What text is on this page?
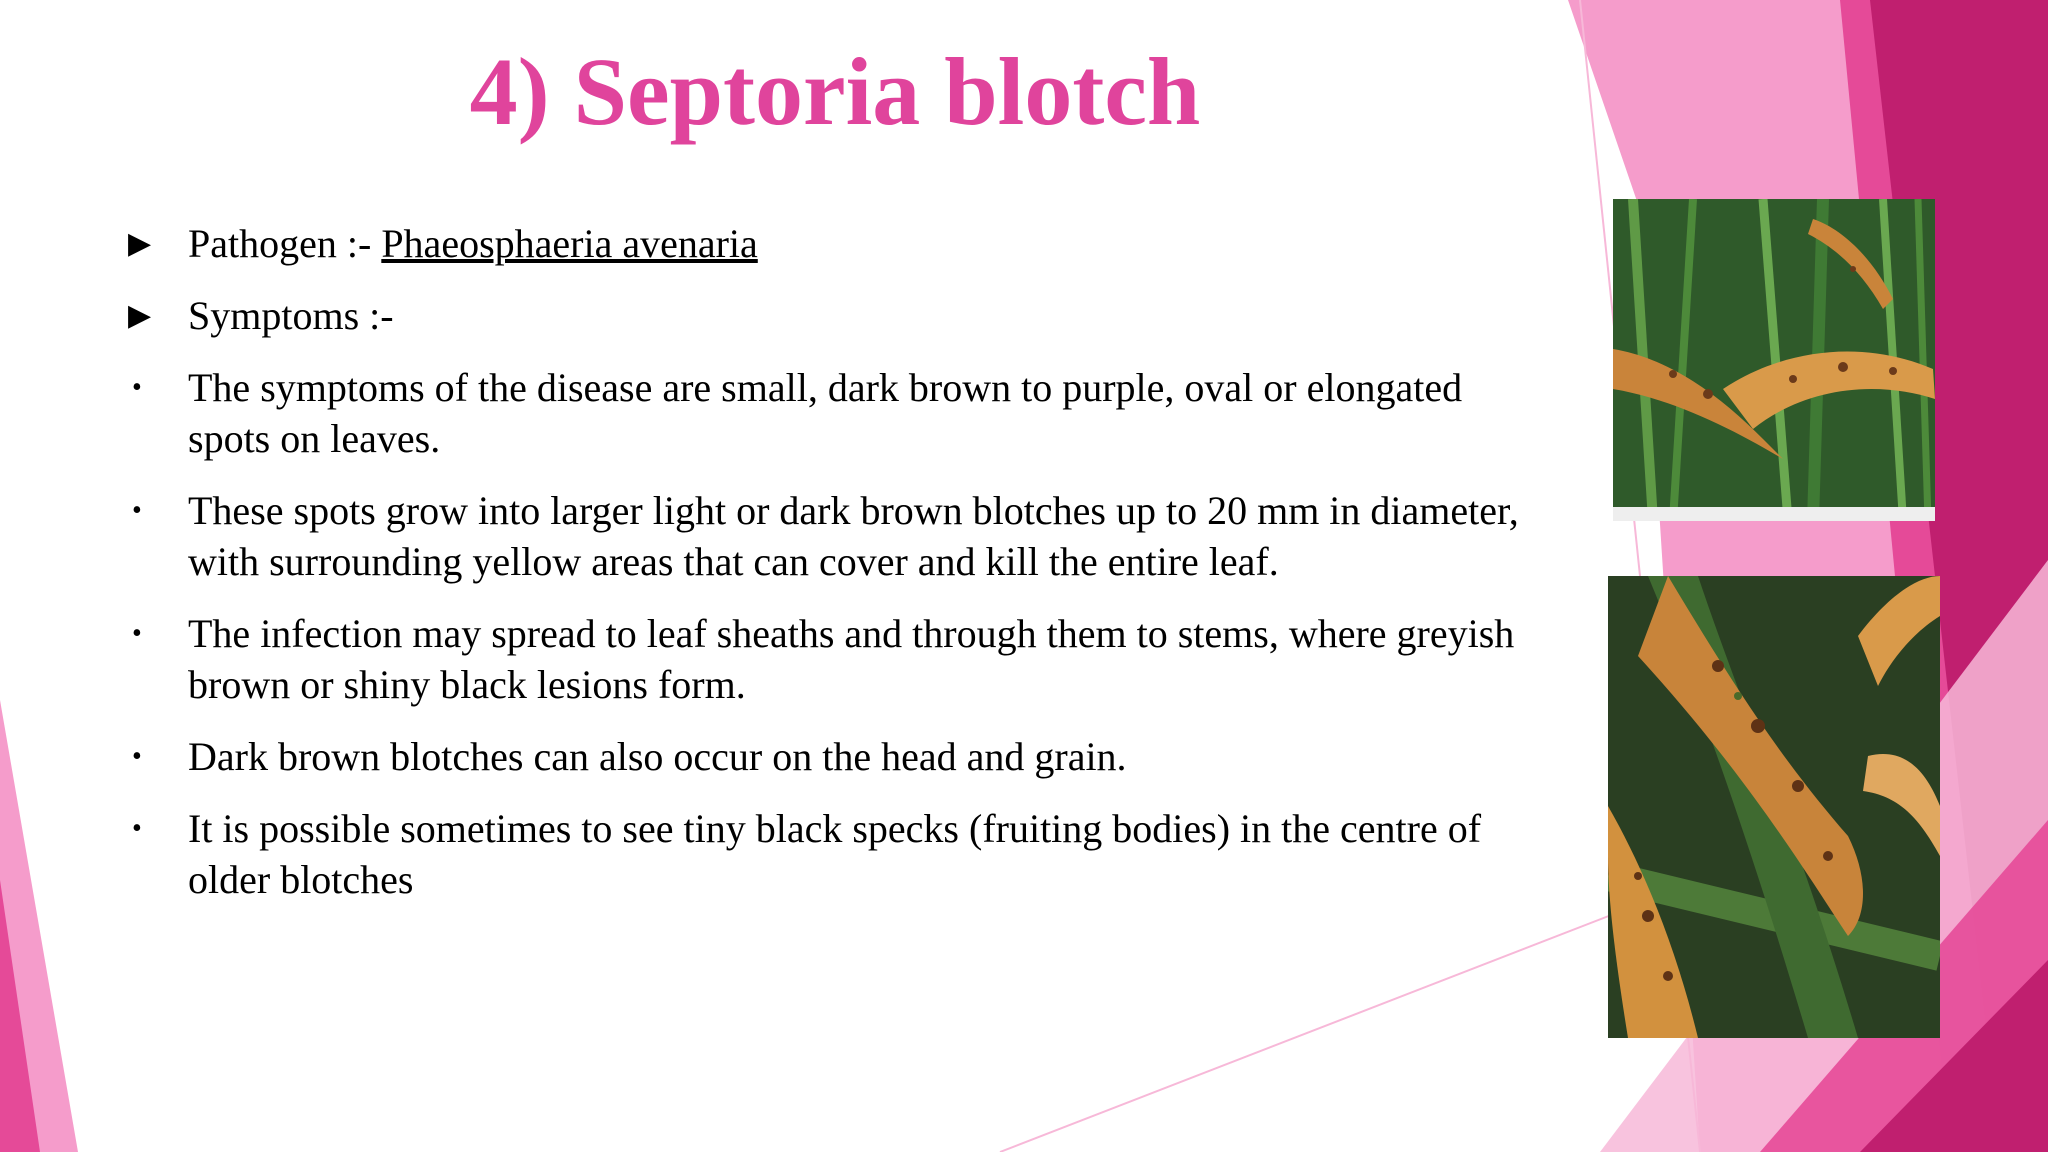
4) Septoria blotch
▶ Pathogen :- Phaeosphaeria avenaria
▶ Symptoms :-
•	The symptoms of the disease are small, dark brown to purple, oval or elongated spots on leaves.
•	These spots grow into larger light or dark brown blotches up to 20 mm in diameter, with surrounding yellow areas that can cover and kill the entire leaf.
•	The infection may spread to leaf sheaths and through them to stems, where greyish brown or shiny black lesions form.
•	Dark brown blotches can also occur on the head and grain.
•	It is possible sometimes to see tiny black specks (fruiting bodies) in the centre of older blotches
